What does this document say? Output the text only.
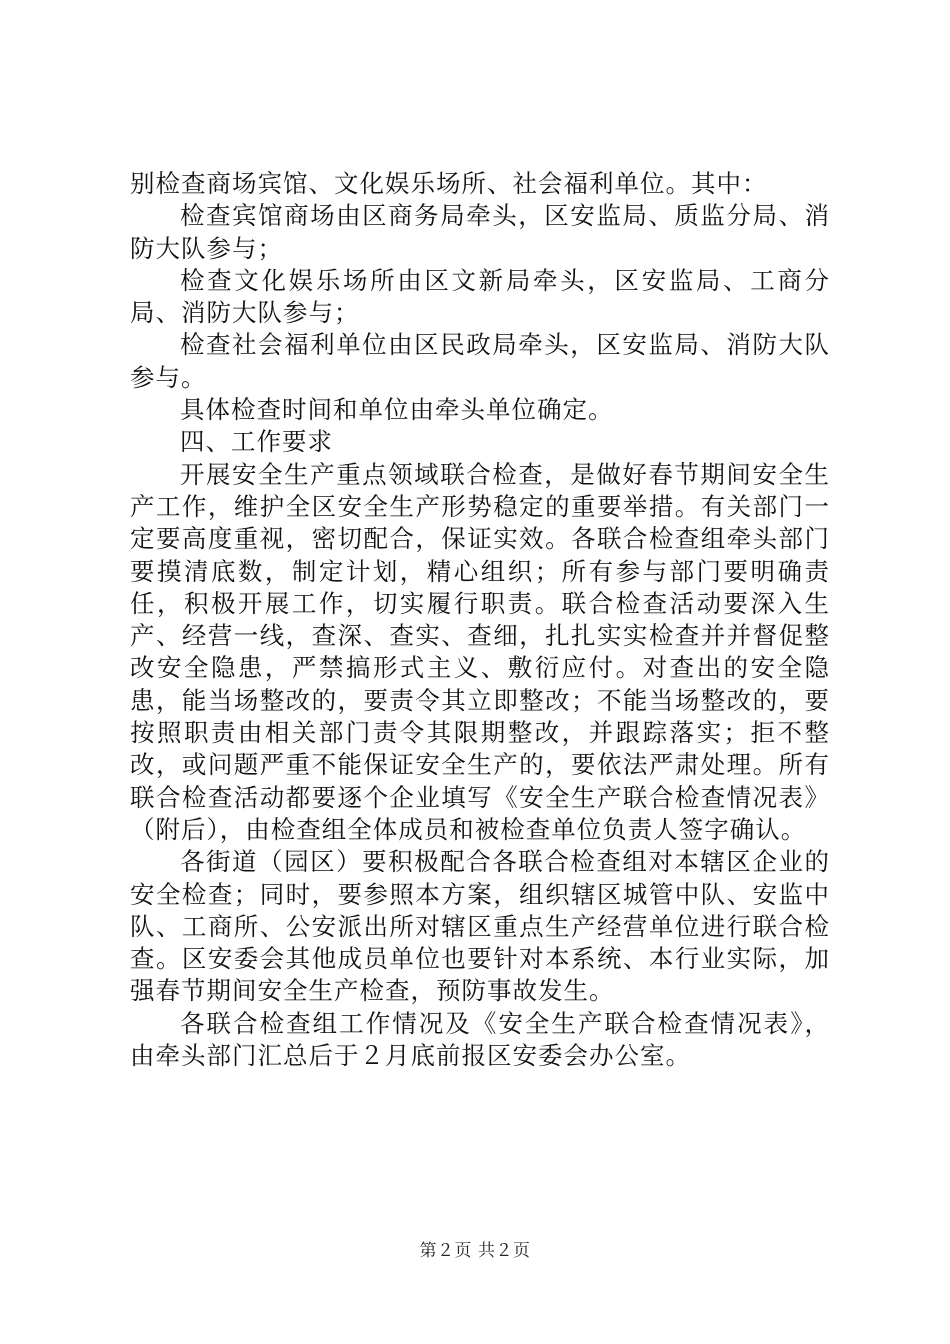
别检查商场宾馆、文化娱乐场所、社会福利单位。其中：

检查宾馆商场由区商务局牵头，区安监局、质监分局、消防大队参与；

检查文化娱乐场所由区文新局牵头，区安监局、工商分局、消防大队参与；

检查社会福利单位由区民政局牵头，区安监局、消防大队参与。

具体检查时间和单位由牵头单位确定。

四、工作要求

开展安全生产重点领域联合检查，是做好春节期间安全生产工作，维护全区安全生产形势稳定的重要举措。有关部门一定要高度重视，密切配合，保证实效。各联合检查组牵头部门要摸清底数，制定计划，精心组织；所有参与部门要明确责任，积极开展工作，切实履行职责。联合检查活动要深入生产、经营一线，查深、查实、查细，扎扎实实检查并并督促整改安全隐患，严禁搞形式主义、敷衍应付。对查出的安全隐患，能当场整改的，要责令其立即整改；不能当场整改的，要按照职责由相关部门责令其限期整改，并跟踪落实；拒不整改，或问题严重不能保证安全生产的，要依法严肃处理。所有联合检查活动都要逐个企业填写《安全生产联合检查情况表》（附后），由检查组全体成员和被检查单位负责人签字确认。

各街道（园区）要积极配合各联合检查组对本辖区企业的安全检查；同时，要参照本方案，组织辖区城管中队、安监中队、工商所、公安派出所对辖区重点生产经营单位进行联合检查。区安委会其他成员单位也要针对本系统、本行业实际，加强春节期间安全生产检查，预防事故发生。

各联合检查组工作情况及《安全生产联合检查情况表》，由牵头部门汇总后于２月底前报区安委会办公室。

第２页 共２页
